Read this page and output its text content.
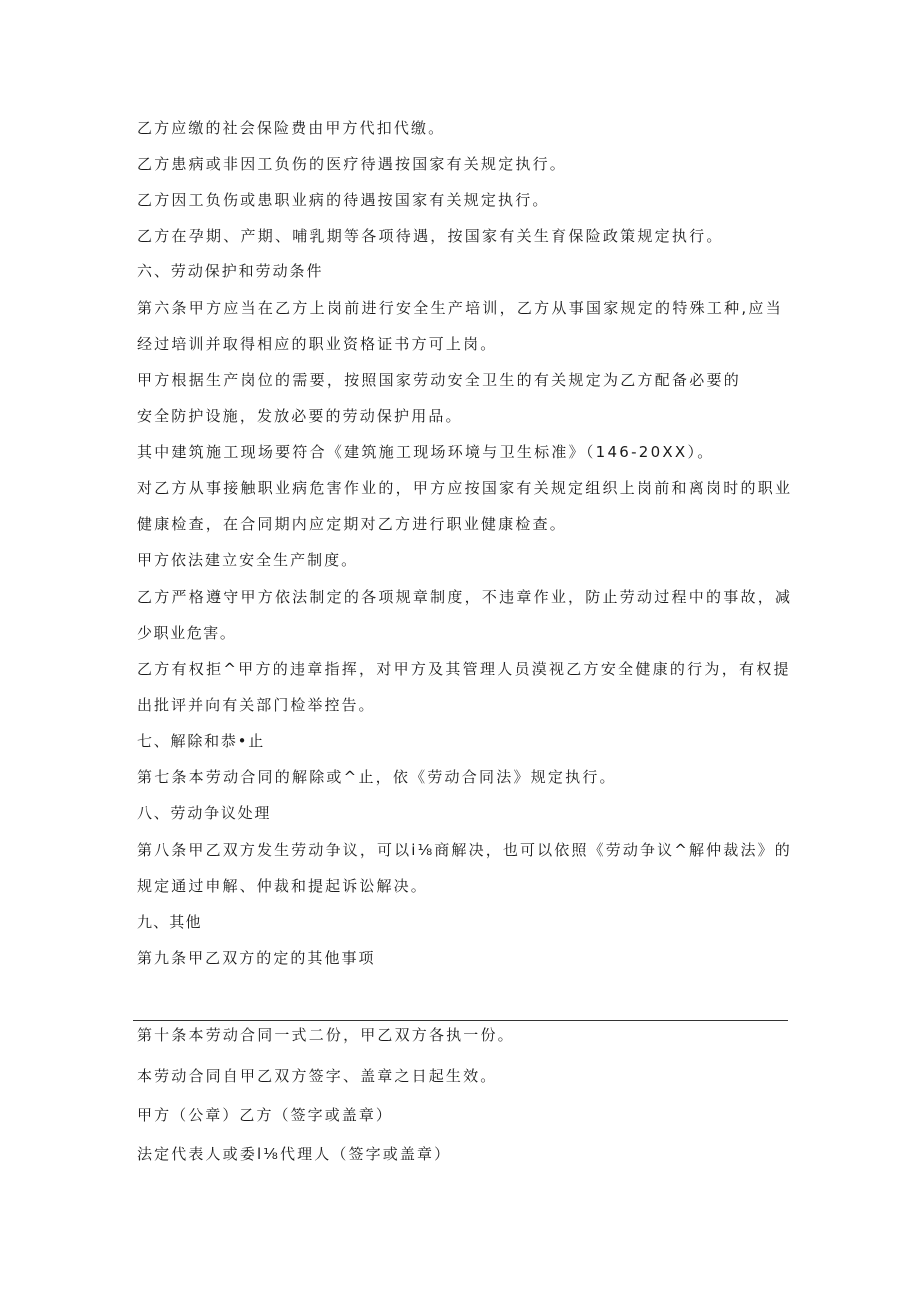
乙方应缴的社会保险费由甲方代扣代缴。
乙方患病或非因工负伤的医疗待遇按国家有关规定执行。
乙方因工负伤或患职业病的待遇按国家有关规定执行。
乙方在孕期、产期、哺乳期等各项待遇，按国家有关生育保险政策规定执行。
六、劳动保护和劳动条件
第六条甲方应当在乙方上岗前进行安全生产培训，乙方从事国家规定的特殊工种,应当
经过培训并取得相应的职业资格证书方可上岗。
甲方根据生产岗位的需要，按照国家劳动安全卫生的有关规定为乙方配备必要的
安全防护设施，发放必要的劳动保护用品。
其中建筑施工现场要符合《建筑施工现场环境与卫生标准》（146-20XX）。
对乙方从事接触职业病危害作业的，甲方应按国家有关规定组织上岗前和离岗时的职业
健康检查，在合同期内应定期对乙方进行职业健康检查。
甲方依法建立安全生产制度。
乙方严格遵守甲方依法制定的各项规章制度，不违章作业，防止劳动过程中的事故，减
少职业危害。
乙方有权拒^甲方的违章指挥，对甲方及其管理人员漠视乙方安全健康的行为，有权提
出批评并向有关部门检举控告。
七、解除和恭•止
第七条本劳动合同的解除或^止，依《劳动合同法》规定执行。
八、劳动争议处理
第八条甲乙双方发生劳动争议，可以i⅛商解决，也可以依照《劳动争议^解仲裁法》的
规定通过申解、仲裁和提起诉讼解决。
九、其他
第九条甲乙双方的定的其他事项
第十条本劳动合同一式二份，甲乙双方各执一份。
本劳动合同自甲乙双方签字、盖章之日起生效。
甲方（公章）乙方（签字或盖章）
法定代表人或委l⅛代理人（签字或盖章）
